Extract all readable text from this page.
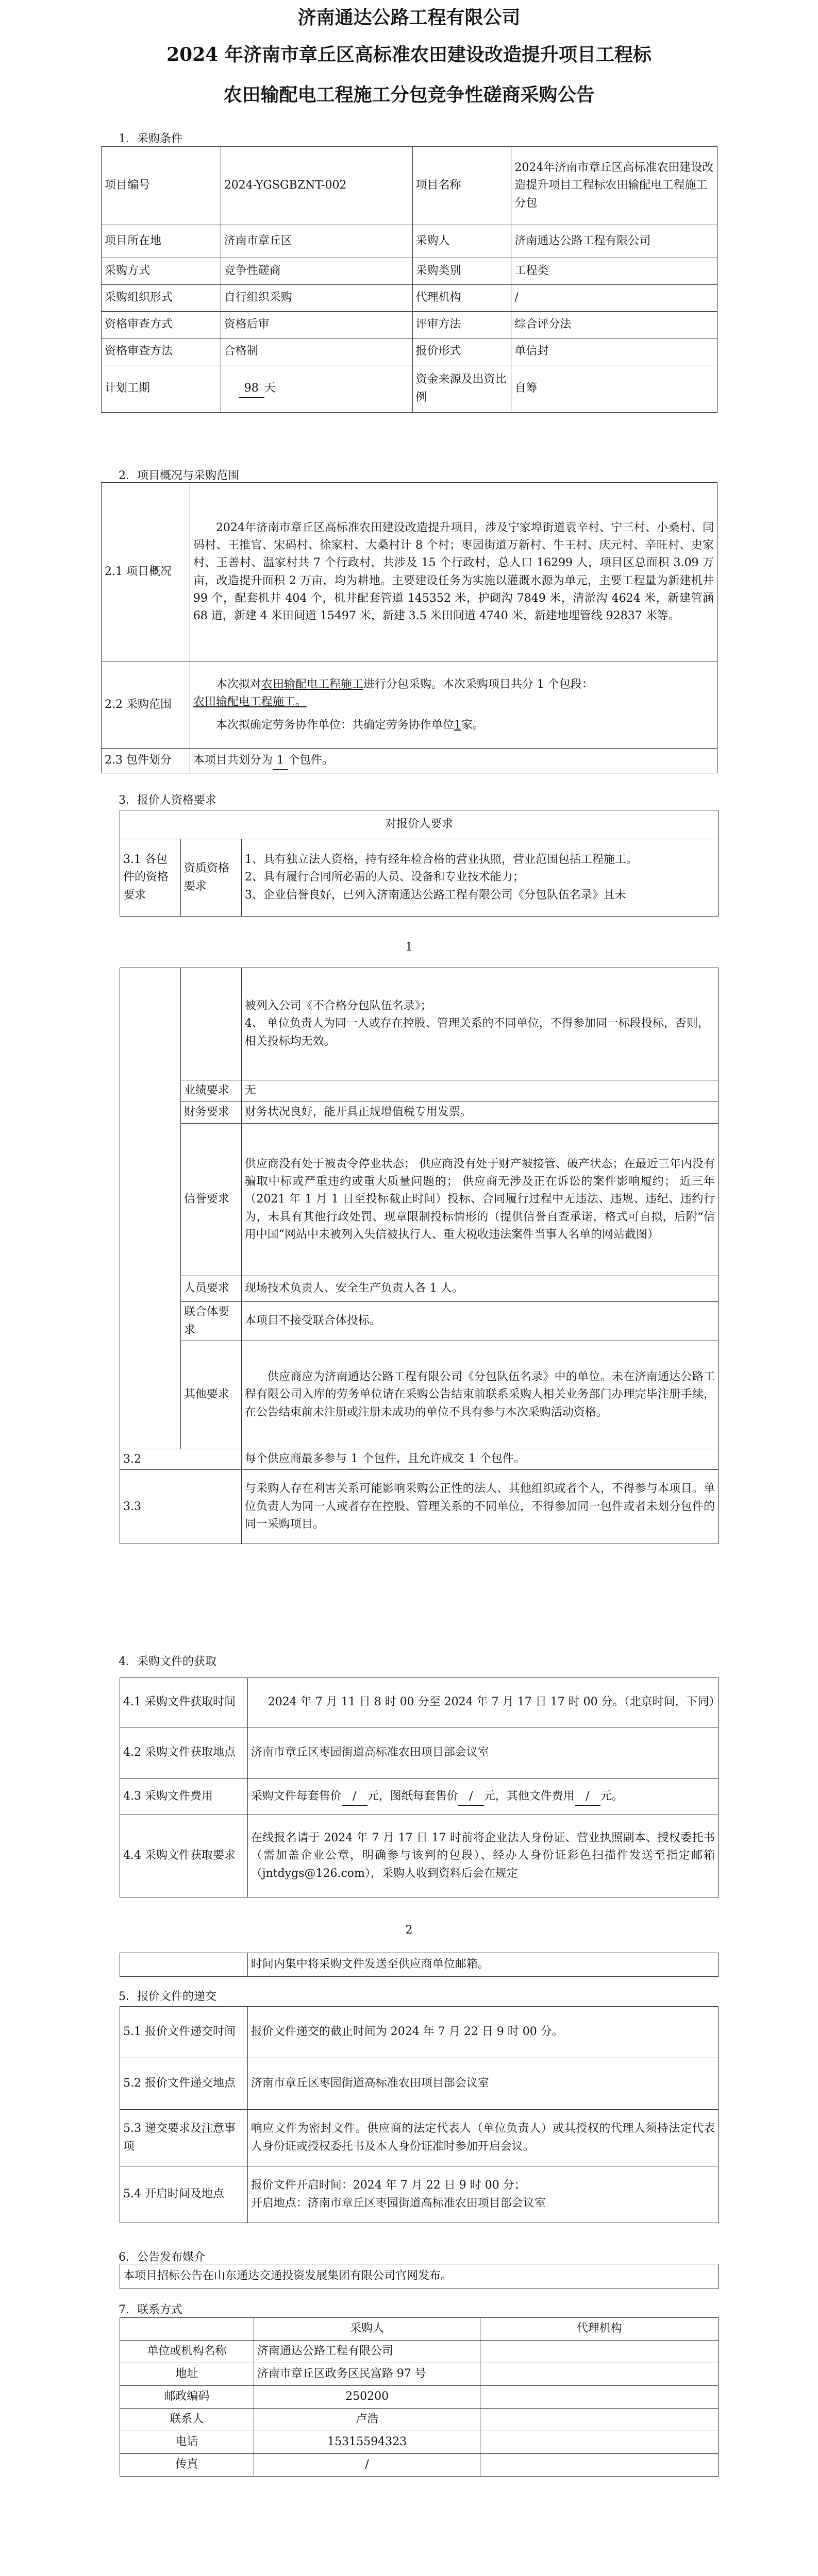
济南通达公路工程有限公司
2024 年济南市章丘区高标准农田建设改造提升项目工程标
农田输配电工程施工分包竞争性磋商采购公告
1．采购条件
项目编号	2024-YGSGBZNT-002	项目名称	2024年济南市章丘区高标准农田建设改造提升项目工程标农田输配电工程施工分包
项目所在地	济南市章丘区	采购人	济南通达公路工程有限公司
采购方式	竞争性磋商	采购类别	工程类
采购组织形式	自行组织采购	代理机构	/
资格审查方式	资格后审	评审方法	综合评分法
资格审查方法	合格制	报价形式	单信封
计划工期	98 天	资金来源及出资比例	自筹
2．项目概况与采购范围
2.1 项目概况	2024年济南市章丘区高标准农田建设改造提升项目，涉及宁家埠街道袁辛村、宁三村、小桑村、闫码村、王推官、宋码村、徐家村、大桑村计 8 个村；枣园街道万新村、牛王村、庆元村、辛旺村、史家村、王善村、温家村共 7 个行政村，共涉及 15 个行政村，总人口 16299 人，项目区总面积 3.09 万亩，改造提升面积 2 万亩，均为耕地。主要建设任务为实施以灌溉水源为单元，主要工程量为新建机井 99 个，配套机井 404 个，机井配套管道 145352 米，护砌沟 7849 米，清淤沟 4624 米，新建管涵 68 道，新建 4 米田间道 15497 米，新建 3.5 米田间道 4740 米，新建地埋管线 92837 米等。
2.2 采购范围	本次拟对农田输配电工程施工进行分包采购。本次采购项目共分 1 个包段：
农田输配电工程施工。
本次拟确定劳务协作单位：共确定劳务协作单位1家。

2.3 包件划分	本项目共划分为 1 个包件。
3．报价人资格要求
对报价人要求
3.1 各包件的资格要求	资质资格要求	
1、具有独立法人资格，持有经年检合格的营业执照，营业范围包括工程施工。
2、具有履行合同所必需的人员、设备和专业技术能力；
3、企业信誉良好，已列入济南通达公路工程有限公司《分包队伍名录》且未
1

		被列入公司《不合格分包队伍名录》；
4、 单位负责人为同一人或存在控股、管理关系的不同单位，不得参加同一标段投标，否则，相关投标均无效。

	业绩要求	无
	财务要求	财务状况良好，能开具正规增值税专用发票。
	信誉要求	供应商没有处于被责令停业状态； 供应商没有处于财产被接管、破产状态；在最近三年内没有骗取中标或严重违约或重大质量问题的； 供应商无涉及正在诉讼的案件影响履约； 近三年（2021 年 1 月 1 日至投标截止时间）投标、合同履行过程中无违法、违规、违纪、违约行为，未具有其他行政处罚、现章限制投标情形的（提供信誉自查承诺，格式可自拟，后附“信用中国”网站中未被列入失信被执行人、重大税收违法案件当事人名单的网站截图）
	人员要求	现场技术负责人、安全生产负责人各 1 人。
	联合体要求	本项目不接受联合体投标。
	其他要求	供应商应为济南通达公路工程有限公司《分包队伍名录》中的单位。未在济南通达公路工程有限公司入库的劳务单位请在采购公告结束前联系采购人相关业务部门办理完毕注册手续，在公告结束前未注册或注册未成功的单位不具有参与本次采购活动资格。
3.2		每个供应商最多参与 1 个包件，且允许成交 1 个包件。
3.3		与采购人存在利害关系可能影响采购公正性的法人、其他组织或者个人，不得参与本项目。单位负责人为同一人或者存在控股、管理关系的不同单位，不得参加同一包件或者未划分包件的同一采购项目。
4．采购文件的获取
4.1 采购文件获取时间	2024 年 7 月 11 日 8 时 00 分至 2024 年 7 月 17 日 17 时 00 分。（北京时间，下同）
4.2 采购文件获取地点	济南市章丘区枣园街道高标准农田项目部会议室
4.3 采购文件费用	采购文件每套售价 / 元，图纸每套售价 / 元，其他文件费用 / 元。
4.4 采购文件获取要求	在线报名请于 2024 年 7 月 17 日 17 时前将企业法人身份证、营业执照副本、授权委托书（需加盖企业公章，明确参与该判的包段）、经办人身份证彩色扫描件发送至指定邮箱（jntdygs@126.com），采购人收到资料后会在规定
2
	时间内集中将采购文件发送至供应商单位邮箱。
5．报价文件的递交
5.1 报价文件递交时间	报价文件递交的截止时间为 2024 年 7 月 22 日 9 时 00 分。
5.2 报价文件递交地点	济南市章丘区枣园街道高标准农田项目部会议室
5.3 递交要求及注意事项	响应文件为密封文件。供应商的法定代表人（单位负责人）或其授权的代理人须持法定代表人身份证或授权委托书及本人身份证准时参加开启会议。
5.4 开启时间及地点	报价文件开启时间：2024 年 7 月 22 日 9 时 00 分；
开启地点：济南市章丘区枣园街道高标准农田项目部会议室
6．公告发布媒介
本项目招标公告在山东通达交通投资发展集团有限公司官网发布。
7．联系方式
	采购人	代理机构
单位或机构名称	济南通达公路工程有限公司	
地址	济南市章丘区政务区民富路 97 号	
邮政编码	250200	
联系人	卢浩	
电话	15315594323	
传真	/	
